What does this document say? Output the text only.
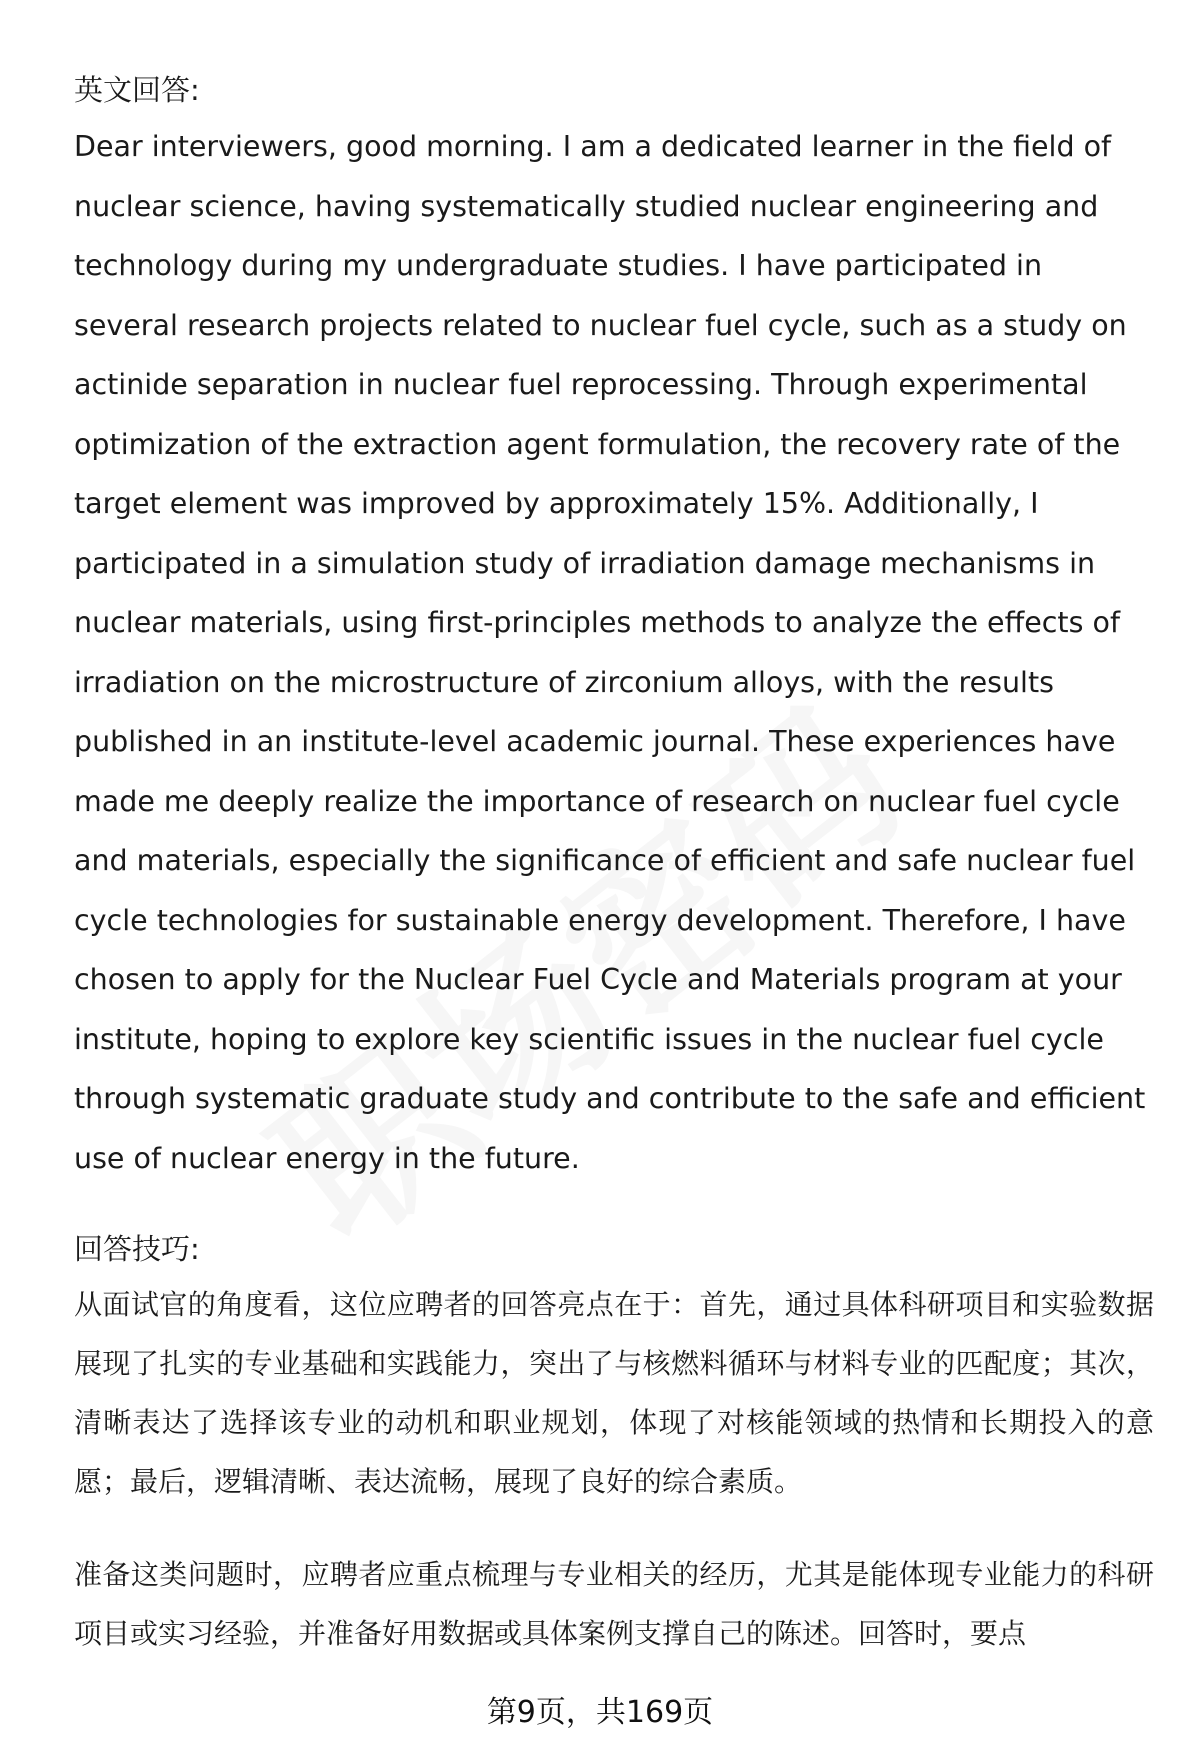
英文回答:

Dear interviewers, good morning. I am a dedicated learner in the field of nuclear science, having systematically studied nuclear engineering and technology during my undergraduate studies. I have participated in several research projects related to nuclear fuel cycle, such as a study on actinide separation in nuclear fuel reprocessing. Through experimental optimization of the extraction agent formulation, the recovery rate of the target element was improved by approximately 15%. Additionally, I participated in a simulation study of irradiation damage mechanisms in nuclear materials, using first-principles methods to analyze the effects of irradiation on the microstructure of zirconium alloys, with the results published in an institute-level academic journal. These experiences have made me deeply realize the importance of research on nuclear fuel cycle and materials, especially the significance of efficient and safe nuclear fuel cycle technologies for sustainable energy development. Therefore, I have chosen to apply for the Nuclear Fuel Cycle and Materials program at your institute, hoping to explore key scientific issues in the nuclear fuel cycle through systematic graduate study and contribute to the safe and efficient use of nuclear energy in the future.

回答技巧:

从面试官的角度看，这位应聘者的回答亮点在于：首先，通过具体科研项目和实验数据展现了扎实的专业基础和实践能力，突出了与核燃料循环与材料专业的匹配度；其次，清晰表达了选择该专业的动机和职业规划，体现了对核能领域的热情和长期投入的意愿；最后，逻辑清晰、表达流畅，展现了良好的综合素质。

准备这类问题时，应聘者应重点梳理与专业相关的经历，尤其是能体现专业能力的科研项目或实习经验，并准备好用数据或具体案例支撑自己的陈述。回答时，要点

第9页，共169页
